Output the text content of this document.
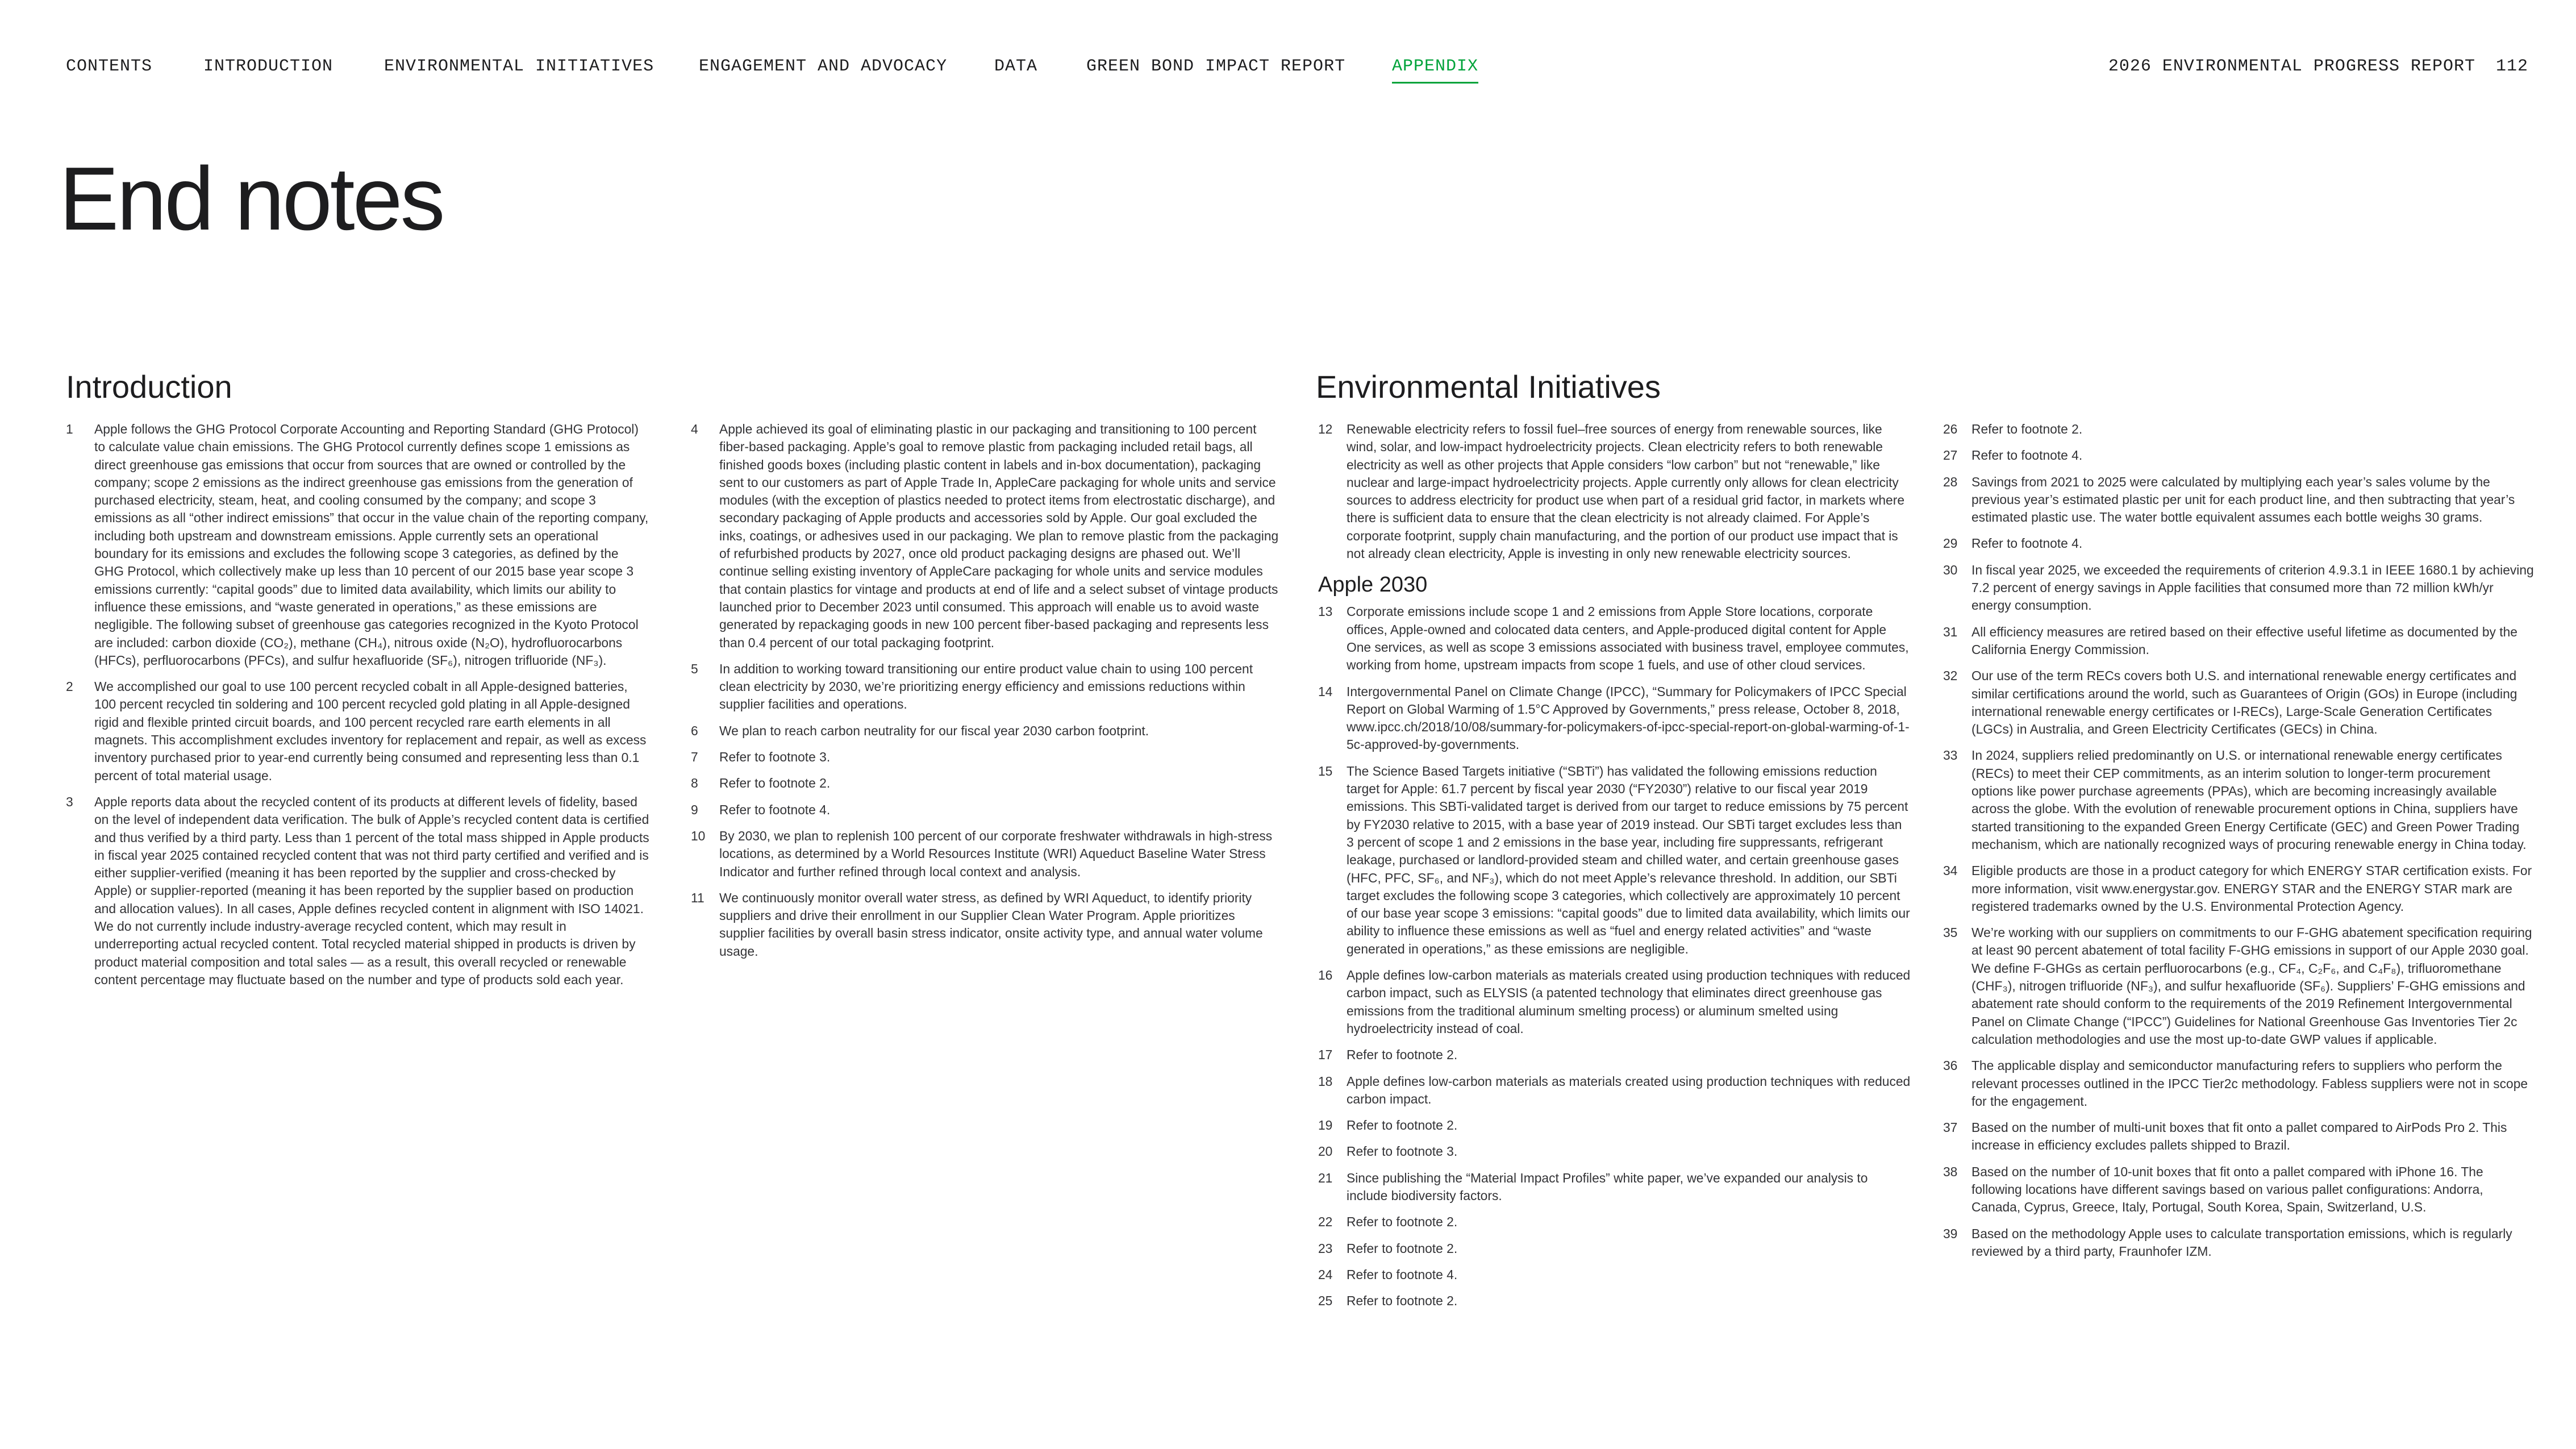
CONTENTS	INTRODUCTION	ENVIRONMENTAL INITIATIVES	ENGAGEMENT AND ADVOCACY	DATA	GREEN BOND IMPACT REPORT	APPENDIX	2026 ENVIRONMENTAL PROGRESS REPORT 112
End notes
Introduction	Environmental Initiatives
1	Apple follows the GHG Protocol Corporate Accounting and Reporting Standard (GHG Protocol) to calculate value chain emissions. The GHG Protocol currently defines scope 1 emissions as direct greenhouse gas emissions that occur from sources that are owned or controlled by the company; scope 2 emissions as the indirect greenhouse gas emissions from the generation of purchased electricity, steam, heat, and cooling consumed by the company; and scope 3 emissions as all “other indirect emissions” that occur in the value chain of the reporting company, including both upstream and downstream emissions. Apple currently sets an operational boundary for its emissions and excludes the following scope 3 categories, as defined by the GHG Protocol, which collectively make up less than 10 percent of our 2015 base year scope 3 emissions currently: “capital goods” due to limited data availability, which limits our ability to influence these emissions, and “waste generated in operations,” as these emissions are negligible. The following subset of greenhouse gas categories recognized in the Kyoto Protocol are included: carbon dioxide (CO₂), methane (CH₄), nitrous oxide (N₂O), hydrofluorocarbons (HFCs), perfluorocarbons (PFCs), and sulfur hexafluoride (SF₆), nitrogen trifluoride (NF₃).
2	We accomplished our goal to use 100 percent recycled cobalt in all Apple-designed batteries, 100 percent recycled tin soldering and 100 percent recycled gold plating in all Apple-designed rigid and flexible printed circuit boards, and 100 percent recycled rare earth elements in all magnets. This accomplishment excludes inventory for replacement and repair, as well as excess inventory purchased prior to year-end currently being consumed and representing less than 0.1 percent of total material usage.
3	Apple reports data about the recycled content of its products at different levels of fidelity, based on the level of independent data verification. The bulk of Apple’s recycled content data is certified and thus verified by a third party. Less than 1 percent of the total mass shipped in Apple products in fiscal year 2025 contained recycled content that was not third party certified and verified and is either supplier-verified (meaning it has been reported by the supplier and cross-checked by Apple) or supplier-reported (meaning it has been reported by the supplier based on production and allocation values). In all cases, Apple defines recycled content in alignment with ISO 14021. We do not currently include industry-average recycled content, which may result in underreporting actual recycled content. Total recycled material shipped in products is driven by product material composition and total sales — as a result, this overall recycled or renewable content percentage may fluctuate based on the number and type of products sold each year.
4	Apple achieved its goal of eliminating plastic in our packaging and transitioning to 100 percent fiber-based packaging. Apple’s goal to remove plastic from packaging included retail bags, all finished goods boxes (including plastic content in labels and in-box documentation), packaging sent to our customers as part of Apple Trade In, AppleCare packaging for whole units and service modules (with the exception of plastics needed to protect items from electrostatic discharge), and secondary packaging of Apple products and accessories sold by Apple. Our goal excluded the inks, coatings, or adhesives used in our packaging. We plan to remove plastic from the packaging of refurbished products by 2027, once old product packaging designs are phased out. We’ll continue selling existing inventory of AppleCare packaging for whole units and service modules that contain plastics for vintage and products at end of life and a select subset of vintage products launched prior to December 2023 until consumed. This approach will enable us to avoid waste generated by repackaging goods in new 100 percent fiber-based packaging and represents less than 0.4 percent of our total packaging footprint.
5	In addition to working toward transitioning our entire product value chain to using 100 percent clean electricity by 2030, we’re prioritizing energy efficiency and emissions reductions within supplier facilities and operations.
6	We plan to reach carbon neutrality for our fiscal year 2030 carbon footprint.
7	Refer to footnote 3.
8	Refer to footnote 2.
9	Refer to footnote 4.
10	By 2030, we plan to replenish 100 percent of our corporate freshwater withdrawals in high-stress locations, as determined by a World Resources Institute (WRI) Aqueduct Baseline Water Stress Indicator and further refined through local context and analysis.
11	We continuously monitor overall water stress, as defined by WRI Aqueduct, to identify priority suppliers and drive their enrollment in our Supplier Clean Water Program. Apple prioritizes supplier facilities by overall basin stress indicator, onsite activity type, and annual water volume usage.
12	Renewable electricity refers to fossil fuel–free sources of energy from renewable sources, like wind, solar, and low-impact hydroelectricity projects. Clean electricity refers to both renewable electricity as well as other projects that Apple considers “low carbon” but not “renewable,” like nuclear and large-impact hydroelectricity projects. Apple currently only allows for clean electricity sources to address electricity for product use when part of a residual grid factor, in markets where there is sufficient data to ensure that the clean electricity is not already claimed. For Apple’s corporate footprint, supply chain manufacturing, and the portion of our product use impact that is not already clean electricity, Apple is investing in only new renewable electricity sources.
Apple 2030
13	Corporate emissions include scope 1 and 2 emissions from Apple Store locations, corporate offices, Apple-owned and colocated data centers, and Apple-produced digital content for Apple One services, as well as scope 3 emissions associated with business travel, employee commutes, working from home, upstream impacts from scope 1 fuels, and use of other cloud services.
14	Intergovernmental Panel on Climate Change (IPCC), “Summary for Policymakers of IPCC Special Report on Global Warming of 1.5°C Approved by Governments,” press release, October 8, 2018, www.ipcc.ch/2018/10/08/summary-for-policymakers-of-ipcc-special-report-on-global-warming-of-1-5c-approved-by-governments.
15	The Science Based Targets initiative (“SBTi”) has validated the following emissions reduction target for Apple: 61.7 percent by fiscal year 2030 (“FY2030”) relative to our fiscal year 2019 emissions. This SBTi-validated target is derived from our target to reduce emissions by 75 percent by FY2030 relative to 2015, with a base year of 2019 instead. Our SBTi target excludes less than 3 percent of scope 1 and 2 emissions in the base year, including fire suppressants, refrigerant leakage, purchased or landlord-provided steam and chilled water, and certain greenhouse gases (HFC, PFC, SF₆, and NF₃), which do not meet Apple’s relevance threshold. In addition, our SBTi target excludes the following scope 3 categories, which collectively are approximately 10 percent of our base year scope 3 emissions: “capital goods” due to limited data availability, which limits our ability to influence these emissions as well as “fuel and energy related activities” and “waste generated in operations,” as these emissions are negligible.
16	Apple defines low-carbon materials as materials created using production techniques with reduced carbon impact, such as ELYSIS (a patented technology that eliminates direct greenhouse gas emissions from the traditional aluminum smelting process) or aluminum smelted using hydroelectricity instead of coal.
17	Refer to footnote 2.
18	Apple defines low-carbon materials as materials created using production techniques with reduced carbon impact.
19	Refer to footnote 2.
20	Refer to footnote 3.
21	Since publishing the “Material Impact Profiles” white paper, we’ve expanded our analysis to include biodiversity factors.
22	Refer to footnote 2.
23	Refer to footnote 2.
24	Refer to footnote 4.
25	Refer to footnote 2.
26	Refer to footnote 2.
27	Refer to footnote 4.
28	Savings from 2021 to 2025 were calculated by multiplying each year’s sales volume by the previous year’s estimated plastic per unit for each product line, and then subtracting that year’s estimated plastic use. The water bottle equivalent assumes each bottle weighs 30 grams.
29	Refer to footnote 4.
30	In fiscal year 2025, we exceeded the requirements of criterion 4.9.3.1 in IEEE 1680.1 by achieving 7.2 percent of energy savings in Apple facilities that consumed more than 72 million kWh/yr energy consumption.
31	All efficiency measures are retired based on their effective useful lifetime as documented by the California Energy Commission.
32	Our use of the term RECs covers both U.S. and international renewable energy certificates and similar certifications around the world, such as Guarantees of Origin (GOs) in Europe (including international renewable energy certificates or I-RECs), Large-Scale Generation Certificates (LGCs) in Australia, and Green Electricity Certificates (GECs) in China.
33	In 2024, suppliers relied predominantly on U.S. or international renewable energy certificates (RECs) to meet their CEP commitments, as an interim solution to longer-term procurement options like power purchase agreements (PPAs), which are becoming increasingly available across the globe. With the evolution of renewable procurement options in China, suppliers have started transitioning to the expanded Green Energy Certificate (GEC) and Green Power Trading mechanism, which are nationally recognized ways of procuring renewable energy in China today.
34	Eligible products are those in a product category for which ENERGY STAR certification exists. For more information, visit www.energystar.gov. ENERGY STAR and the ENERGY STAR mark are registered trademarks owned by the U.S. Environmental Protection Agency.
35	We’re working with our suppliers on commitments to our F-GHG abatement specification requiring at least 90 percent abatement of total facility F-GHG emissions in support of our Apple 2030 goal. We define F-GHGs as certain perfluorocarbons (e.g., CF₄, C₂F₆, and C₄F₈), trifluoromethane (CHF₃), nitrogen trifluoride (NF₃), and sulfur hexafluoride (SF₆). Suppliers’ F-GHG emissions and abatement rate should conform to the requirements of the 2019 Refinement Intergovernmental Panel on Climate Change (“IPCC”) Guidelines for National Greenhouse Gas Inventories Tier 2c calculation methodologies and use the most up-to-date GWP values if applicable.
36	The applicable display and semiconductor manufacturing refers to suppliers who perform the relevant processes outlined in the IPCC Tier2c methodology. Fabless suppliers were not in scope for the engagement.
37	Based on the number of multi-unit boxes that fit onto a pallet compared to AirPods Pro 2. This increase in efficiency excludes pallets shipped to Brazil.
38	Based on the number of 10-unit boxes that fit onto a pallet compared with iPhone 16. The following locations have different savings based on various pallet configurations: Andorra, Canada, Cyprus, Greece, Italy, Portugal, South Korea, Spain, Switzerland, U.S.
39	Based on the methodology Apple uses to calculate transportation emissions, which is regularly reviewed by a third party, Fraunhofer IZM.
